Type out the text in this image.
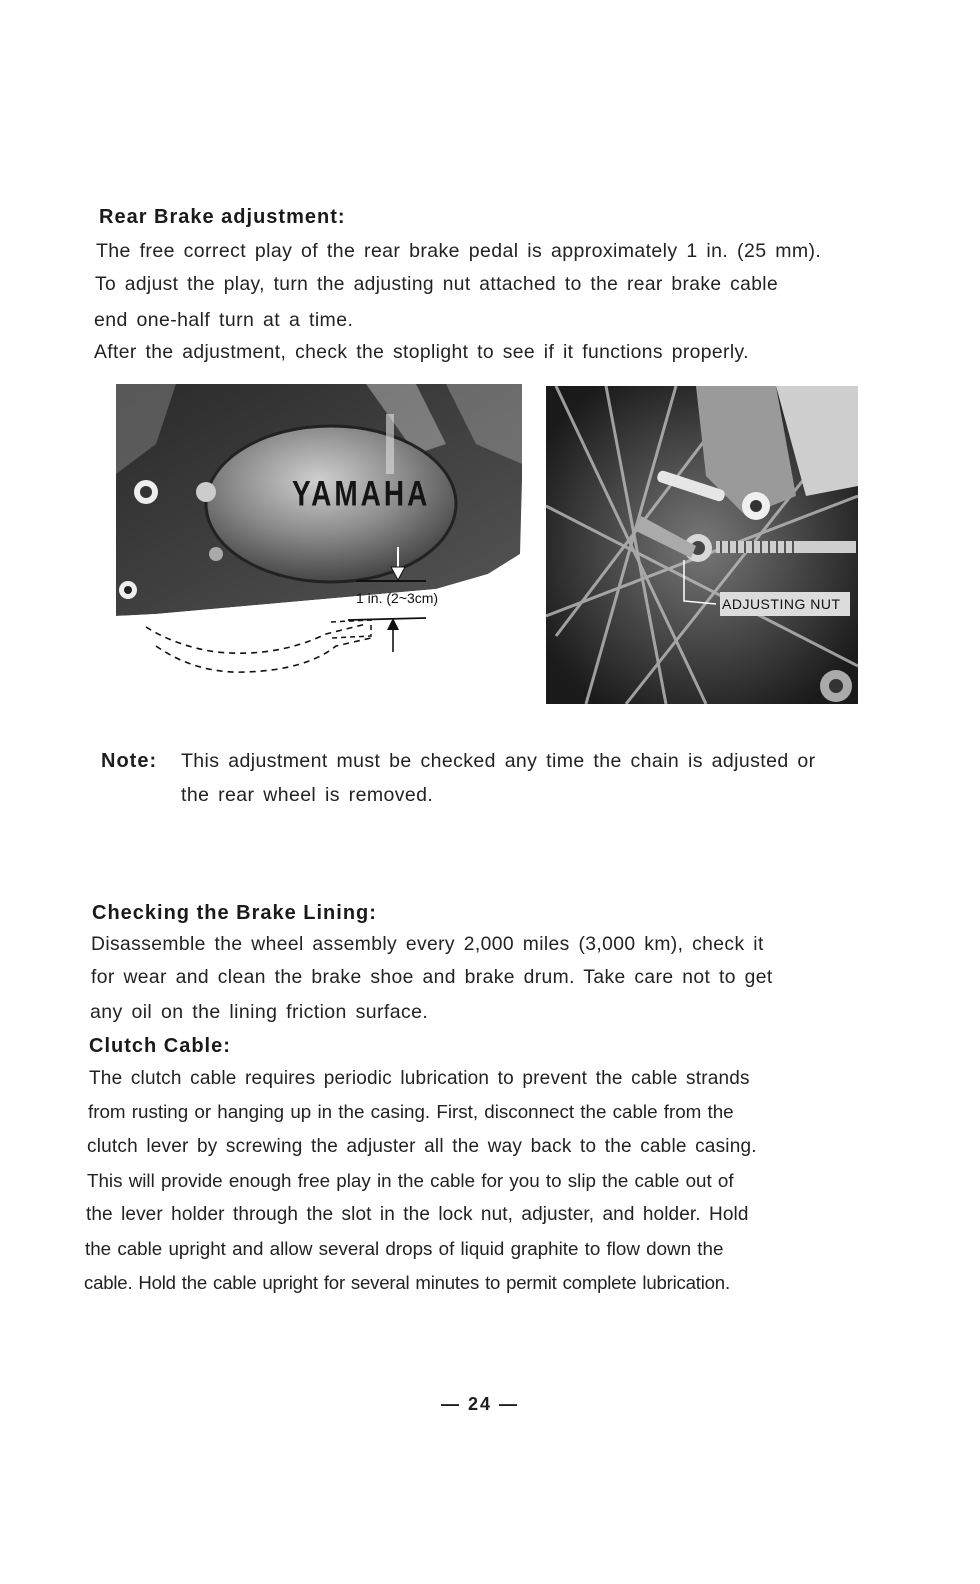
Rear Brake adjustment:
The free correct play of the rear brake pedal is approximately 1 in. (25 mm).
To adjust the play, turn the adjusting nut attached to the rear brake cable
end one-half turn at a time.
After the adjustment, check the stoplight to see if it functions properly.
YAMAHA
1 in. (2~3cm)	ADJUSTING NUT
Note: This adjustment must be checked any time the chain is adjusted or
the rear wheel is removed.
Checking the Brake Lining:
Disassemble the wheel assembly every 2,000 miles (3,000 km), check it
for wear and clean the brake shoe and brake drum. Take care not to get
any oil on the lining friction surface.
Clutch Cable:
The clutch cable requires periodic lubrication to prevent the cable strands
from rusting or hanging up in the casing. First, disconnect the cable from the
clutch lever by screwing the adjuster all the way back to the cable casing.
This will provide enough free play in the cable for you to slip the cable out of
the lever holder through the slot in the lock nut, adjuster, and holder. Hold
the cable upright and allow several drops of liquid graphite to flow down the
cable. Hold the cable upright for several minutes to permit complete lubrication.
— 24 —
